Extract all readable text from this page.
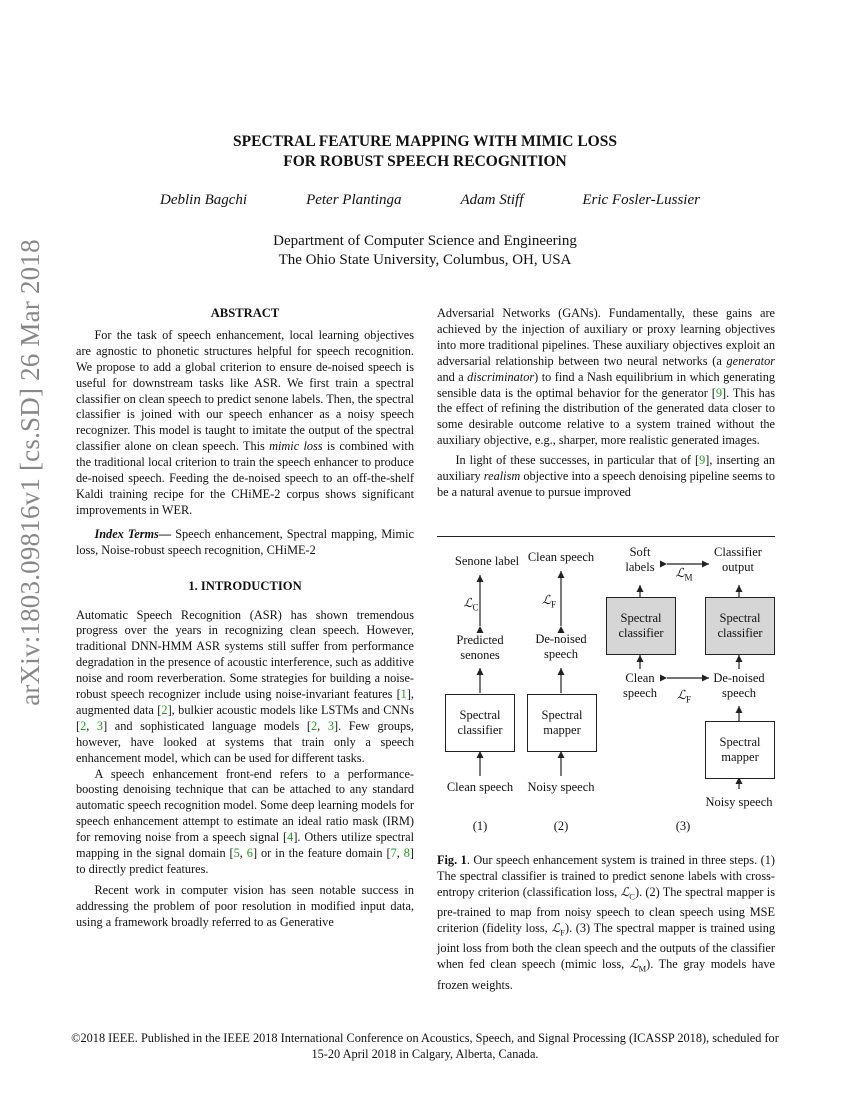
arXiv:1803.09816v1 [cs.SD] 26 Mar 2018
SPECTRAL FEATURE MAPPING WITH MIMIC LOSS
FOR ROBUST SPEECH RECOGNITION
Deblin Bagchi	Peter Plantinga	Adam Stiff	Eric Fosler-Lussier
Department of Computer Science and Engineering
The Ohio State University, Columbus, OH, USA
ABSTRACT

For the task of speech enhancement, local learning objectives are agnostic to phonetic structures helpful for speech recognition. We propose to add a global criterion to ensure de-noised speech is useful for downstream tasks like ASR. We first train a spectral classifier on clean speech to predict senone labels. Then, the spectral classifier is joined with our speech enhancer as a noisy speech recognizer. This model is taught to imitate the output of the spectral classifier alone on clean speech. This mimic loss is combined with the traditional local criterion to train the speech enhancer to produce de-noised speech. Feeding the de-noised speech to an off-the-shelf Kaldi training recipe for the CHiME-2 corpus shows significant improvements in WER.

Index Terms— Speech enhancement, Spectral mapping, Mimic loss, Noise-robust speech recognition, CHiME-2

1. INTRODUCTION

Automatic Speech Recognition (ASR) has shown tremendous progress over the years in recognizing clean speech. However, traditional DNN-HMM ASR systems still suffer from performance degradation in the presence of acoustic interference, such as additive noise and room reverberation. Some strategies for building a noise-robust speech recognizer include using noise-invariant features [1], augmented data [2], bulkier acoustic models like LSTMs and CNNs [2, 3] and sophisticated language models [2, 3]. Few groups, however, have looked at systems that train only a speech enhancement model, which can be used for different tasks.

A speech enhancement front-end refers to a performance-boosting denoising technique that can be attached to any standard automatic speech recognition model. Some deep learning models for speech enhancement attempt to estimate an ideal ratio mask (IRM) for removing noise from a speech signal [4]. Others utilize spectral mapping in the signal domain [5, 6] or in the feature domain [7, 8] to directly predict features.

Recent work in computer vision has seen notable success in addressing the problem of poor resolution in modified input data, using a framework broadly referred to as Generative

Adversarial Networks (GANs). Fundamentally, these gains are achieved by the injection of auxiliary or proxy learning objectives into more traditional pipelines. These auxiliary objectives exploit an adversarial relationship between two neural networks (a generator and a discriminator) to find a Nash equilibrium in which generating sensible data is the optimal behavior for the generator [9]. This has the effect of refining the distribution of the generated data closer to some desirable outcome relative to a system trained without the auxiliary objective, e.g., sharper, more realistic generated images.

In light of these successes, in particular that of [9], inserting an auxiliary realism objective into a speech denoising pipeline seems to be a natural avenue to pursue improved

Senone label
ℒ$_C$
Predicted
senones
Spectral
classifier
Clean speech
(1)
Clean speech
ℒ$_F$
De-noised
speech
Spectral
mapper
Noisy speech
(2)
Soft
labels
Classifier
output
ℒ$_M$
Spectral
classifier
Spectral
classifier
Clean
speech
De-noised
speech
ℒ$_F$
Spectral
mapper
Noisy speech
(3)
Fig. 1. Our speech enhancement system is trained in three steps. (1) The spectral classifier is trained to predict senone labels with cross-entropy criterion (classification loss, ℒ$_C$). (2) The spectral mapper is pre-trained to map from noisy speech to clean speech using MSE criterion (fidelity loss, ℒ$_F$). (3) The spectral mapper is trained using joint loss from both the clean speech and the outputs of the classifier when fed clean speech (mimic loss, ℒ$_M$). The gray models have frozen weights.
©2018 IEEE. Published in the IEEE 2018 International Conference on Acoustics, Speech, and Signal Processing (ICASSP 2018), scheduled for 15-20 April 2018 in Calgary, Alberta, Canada.
